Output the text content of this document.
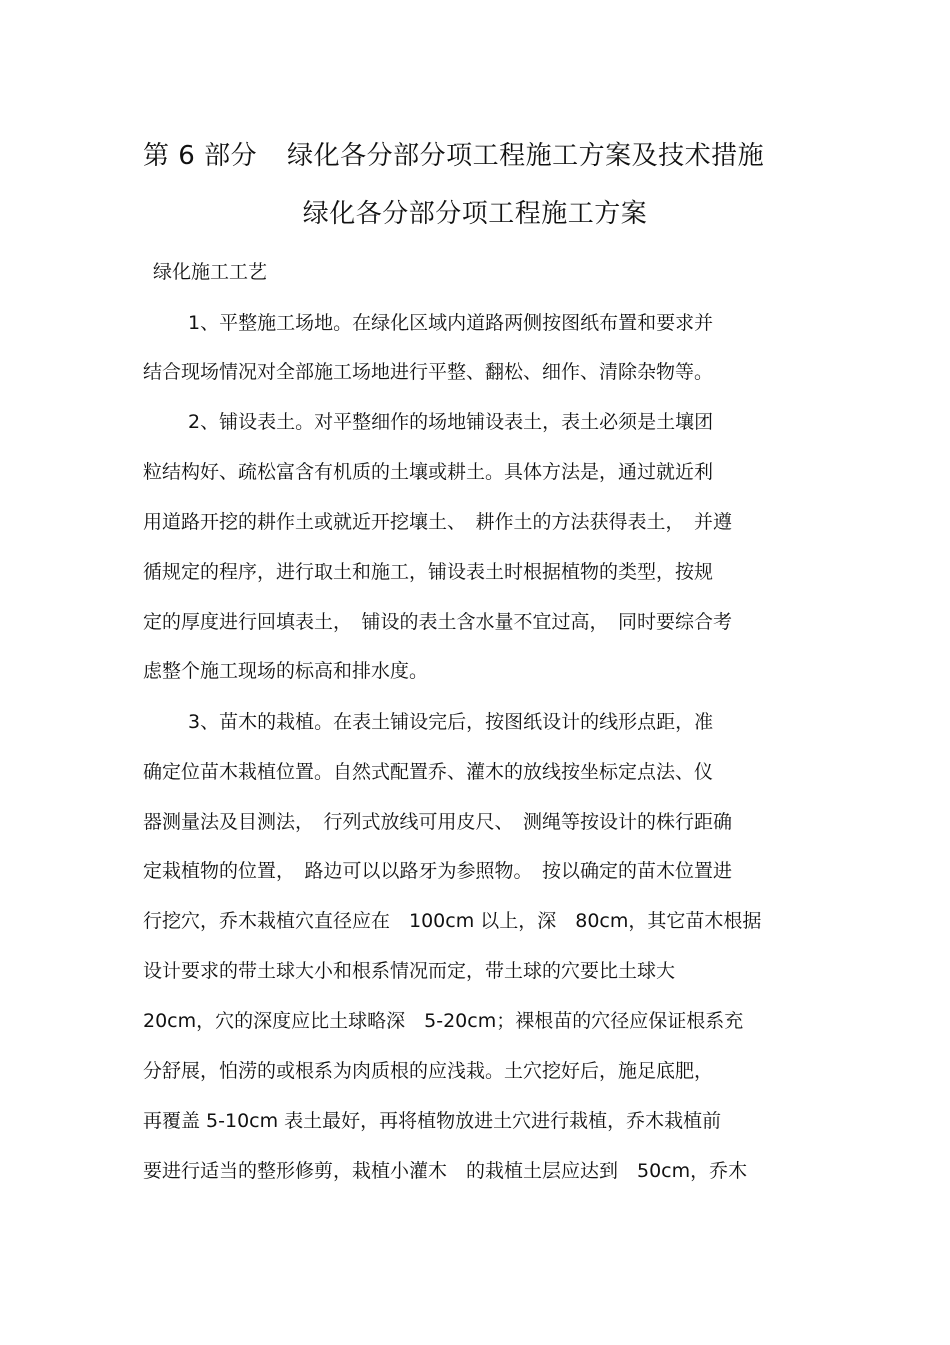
第 6 部分 绿化各分部分项工程施工方案及技术措施
绿化各分部分项工程施工方案
绿化施工工艺
1、平整施工场地。在绿化区域内道路两侧按图纸布置和要求并
结合现场情况对全部施工场地进行平整、翻松、细作、清除杂物等。
2、铺设表土。对平整细作的场地铺设表土，表土必须是土壤团
粒结构好、疏松富含有机质的土壤或耕土。具体方法是，通过就近利
用道路开挖的耕作土或就近开挖壤土、　耕作土的方法获得表土，　并遵
循规定的程序，进行取土和施工，铺设表土时根据植物的类型，按规
定的厚度进行回填表土，　铺设的表土含水量不宜过高，　同时要综合考
虑整个施工现场的标高和排水度。
3、苗木的栽植。在表土铺设完后，按图纸设计的线形点距，准
确定位苗木栽植位置。自然式配置乔、灌木的放线按坐标定点法、仪
器测量法及目测法，　行列式放线可用皮尺、　测绳等按设计的株行距确
定栽植物的位置，　路边可以以路牙为参照物。　按以确定的苗木位置进
行挖穴，乔木栽植穴直径应在　100cm 以上，深　80cm，其它苗木根据
设计要求的带土球大小和根系情况而定，带土球的穴要比土球大
20cm，穴的深度应比土球略深　5-20cm；裸根苗的穴径应保证根系充
分舒展，怕涝的或根系为肉质根的应浅栽。土穴挖好后，施足底肥，
再覆盖 5-10cm 表土最好，再将植物放进土穴进行栽植，乔木栽植前
要进行适当的整形修剪，栽植小灌木　的栽植土层应达到　50cm，乔木
